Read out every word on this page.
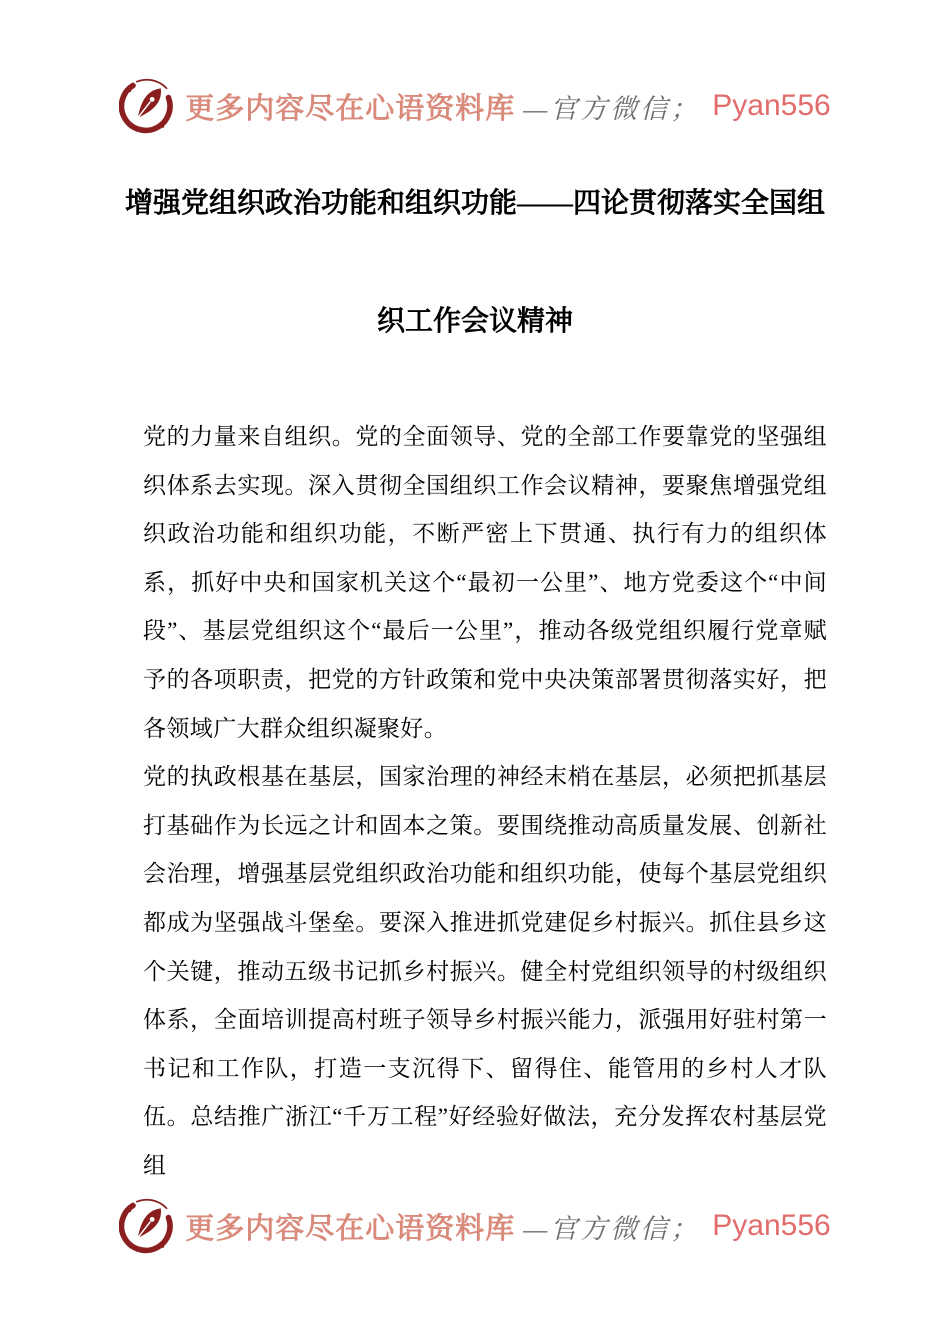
更多内容尽在心语资料库 —官方微信； Pyan556
增强党组织政治功能和组织功能——四论贯彻落实全国组
织工作会议精神

党的力量来自组织。党的全面领导、党的全部工作要靠党的坚强组织体系去实现。深入贯彻全国组织工作会议精神，要聚焦增强党组织政治功能和组织功能，不断严密上下贯通、执行有力的组织体系，抓好中央和国家机关这个“最初一公里”、地方党委这个“中间段”、基层党组织这个“最后一公里”，推动各级党组织履行党章赋予的各项职责，把党的方针政策和党中央决策部署贯彻落实好，把各领域广大群众组织凝聚好。

党的执政根基在基层，国家治理的神经末梢在基层，必须把抓基层打基础作为长远之计和固本之策。要围绕推动高质量发展、创新社会治理，增强基层党组织政治功能和组织功能，使每个基层党组织都成为坚强战斗堡垒。要深入推进抓党建促乡村振兴。抓住县乡这个关键，推动五级书记抓乡村振兴。健全村党组织领导的村级组织体系，全面培训提高村班子领导乡村振兴能力，派强用好驻村第一书记和工作队，打造一支沉得下、留得住、能管用的乡村人才队伍。总结推广浙江“千万工程”好经验好做法，充分发挥农村基层党组

更多内容尽在心语资料库 —官方微信； Pyan556
